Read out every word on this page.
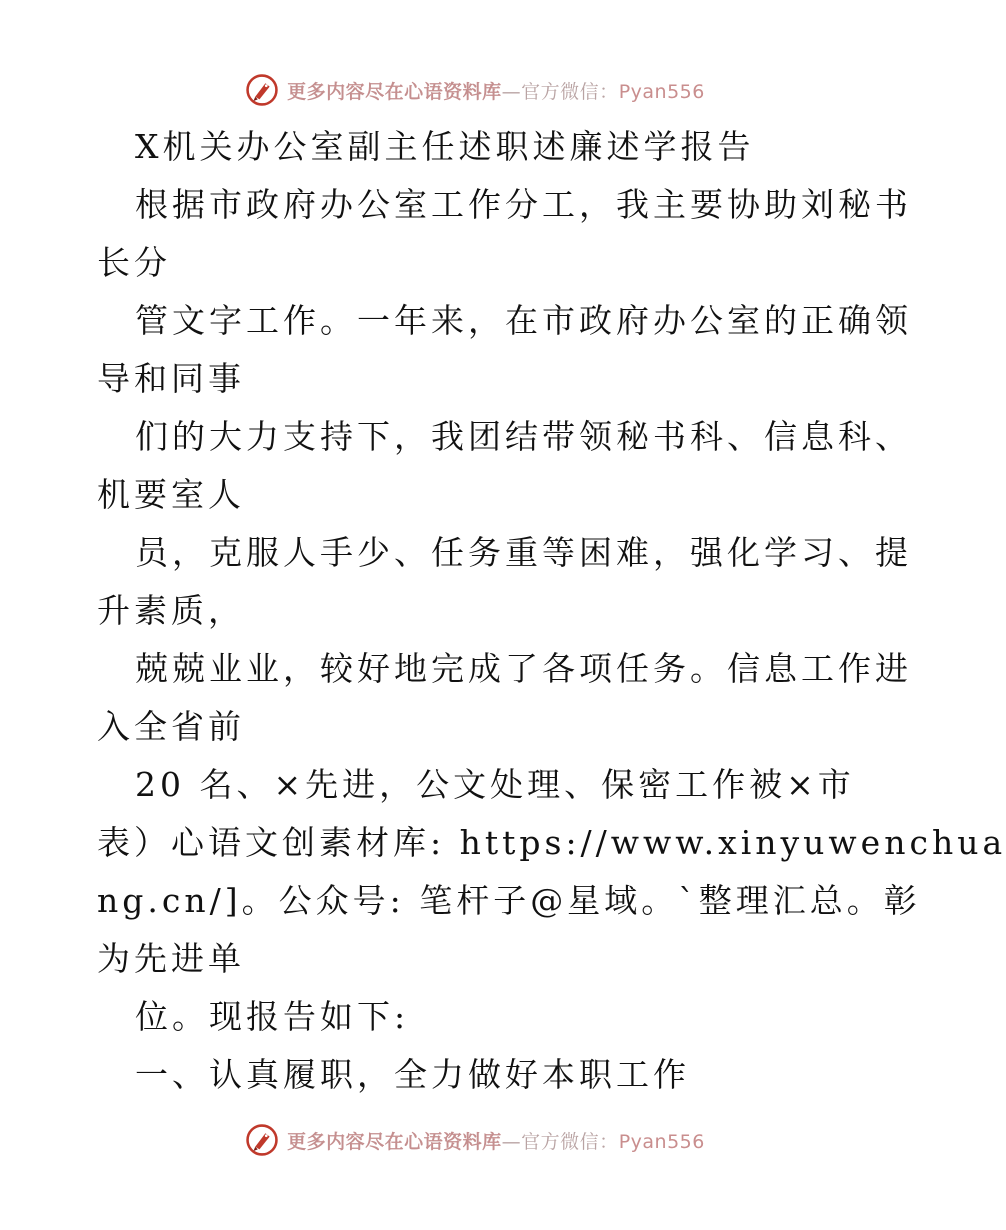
更多内容尽在心语资料库—官方微信：Pyan556
X机关办公室副主任述职述廉述学报告
根据市政府办公室工作分工，我主要协助刘秘书
长分
管文字工作。一年来，在市政府办公室的正确领
导和同事
们的大力支持下，我团结带领秘书科、信息科、
机要室人
员，克服人手少、任务重等困难，强化学习、提
升素质，
兢兢业业，较好地完成了各项任务。信息工作进
入全省前
20 名、×先进，公文处理、保密工作被×市
表）心语文创素材库: https://www.xinyuwenchua
ng.cn/]。公众号: 笔杆子@星域。`整理汇总。彰
为先进单
位。现报告如下:
一、认真履职，全力做好本职工作
更多内容尽在心语资料库—官方微信：Pyan556
